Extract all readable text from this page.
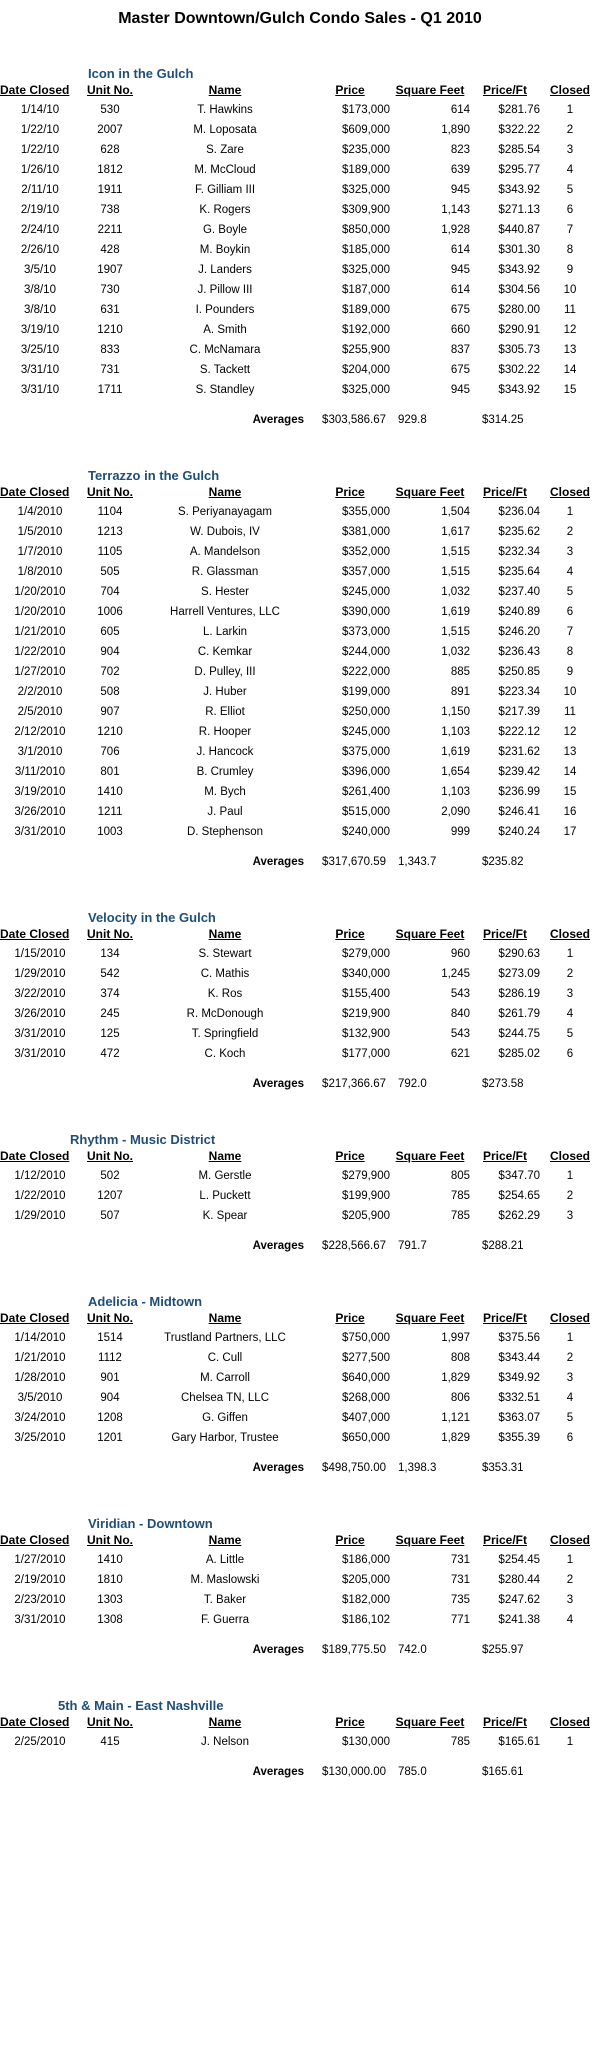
Master Downtown/Gulch Condo Sales - Q1 2010
Icon in the Gulch
Date Closed	Unit No.	Name	Price	Square Feet	Price/Ft	Closed
1/14/10	530	T. Hawkins	$173,000	614	$281.76	1
1/22/10	2007	M. Loposata	$609,000	1,890	$322.22	2
1/22/10	628	S. Zare	$235,000	823	$285.54	3
1/26/10	1812	M. McCloud	$189,000	639	$295.77	4
2/11/10	1911	F. Gilliam III	$325,000	945	$343.92	5
2/19/10	738	K. Rogers	$309,900	1,143	$271.13	6
2/24/10	2211	G. Boyle	$850,000	1,928	$440.87	7
2/26/10	428	M. Boykin	$185,000	614	$301.30	8
3/5/10	1907	J. Landers	$325,000	945	$343.92	9
3/8/10	730	J. Pillow III	$187,000	614	$304.56	10
3/8/10	631	I. Pounders	$189,000	675	$280.00	11
3/19/10	1210	A. Smith	$192,000	660	$290.91	12
3/25/10	833	C. McNamara	$255,900	837	$305.73	13
3/31/10	731	S. Tackett	$204,000	675	$302.22	14
3/31/10	1711	S. Standley	$325,000	945	$343.92	15
		Averages	$303,586.67	929.8	$314.25	
Terrazzo in the Gulch
Date Closed	Unit No.	Name	Price	Square Feet	Price/Ft	Closed
1/4/2010	1104	S. Periyanayagam	$355,000	1,504	$236.04	1
1/5/2010	1213	W. Dubois, IV	$381,000	1,617	$235.62	2
1/7/2010	1105	A. Mandelson	$352,000	1,515	$232.34	3
1/8/2010	505	R. Glassman	$357,000	1,515	$235.64	4
1/20/2010	704	S. Hester	$245,000	1,032	$237.40	5
1/20/2010	1006	Harrell Ventures, LLC	$390,000	1,619	$240.89	6
1/21/2010	605	L. Larkin	$373,000	1,515	$246.20	7
1/22/2010	904	C. Kemkar	$244,000	1,032	$236.43	8
1/27/2010	702	D. Pulley, III	$222,000	885	$250.85	9
2/2/2010	508	J. Huber	$199,000	891	$223.34	10
2/5/2010	907	R. Elliot	$250,000	1,150	$217.39	11
2/12/2010	1210	R. Hooper	$245,000	1,103	$222.12	12
3/1/2010	706	J. Hancock	$375,000	1,619	$231.62	13
3/11/2010	801	B. Crumley	$396,000	1,654	$239.42	14
3/19/2010	1410	M. Bych	$261,400	1,103	$236.99	15
3/26/2010	1211	J. Paul	$515,000	2,090	$246.41	16
3/31/2010	1003	D. Stephenson	$240,000	999	$240.24	17
		Averages	$317,670.59	1,343.7	$235.82	
Velocity in the Gulch
Date Closed	Unit No.	Name	Price	Square Feet	Price/Ft	Closed
1/15/2010	134	S. Stewart	$279,000	960	$290.63	1
1/29/2010	542	C. Mathis	$340,000	1,245	$273.09	2
3/22/2010	374	K. Ros	$155,400	543	$286.19	3
3/26/2010	245	R. McDonough	$219,900	840	$261.79	4
3/31/2010	125	T. Springfield	$132,900	543	$244.75	5
3/31/2010	472	C. Koch	$177,000	621	$285.02	6
		Averages	$217,366.67	792.0	$273.58	
Rhythm - Music District
Date Closed	Unit No.	Name	Price	Square Feet	Price/Ft	Closed
1/12/2010	502	M. Gerstle	$279,900	805	$347.70	1
1/22/2010	1207	L. Puckett	$199,900	785	$254.65	2
1/29/2010	507	K. Spear	$205,900	785	$262.29	3
		Averages	$228,566.67	791.7	$288.21	
Adelicia - Midtown
Date Closed	Unit No.	Name	Price	Square Feet	Price/Ft	Closed
1/14/2010	1514	Trustland Partners, LLC	$750,000	1,997	$375.56	1
1/21/2010	1112	C. Cull	$277,500	808	$343.44	2
1/28/2010	901	M. Carroll	$640,000	1,829	$349.92	3
3/5/2010	904	Chelsea TN, LLC	$268,000	806	$332.51	4
3/24/2010	1208	G. Giffen	$407,000	1,121	$363.07	5
3/25/2010	1201	Gary Harbor, Trustee	$650,000	1,829	$355.39	6
		Averages	$498,750.00	1,398.3	$353.31	
Viridian - Downtown
Date Closed	Unit No.	Name	Price	Square Feet	Price/Ft	Closed
1/27/2010	1410	A. Little	$186,000	731	$254.45	1
2/19/2010	1810	M. Maslowski	$205,000	731	$280.44	2
2/23/2010	1303	T. Baker	$182,000	735	$247.62	3
3/31/2010	1308	F. Guerra	$186,102	771	$241.38	4
		Averages	$189,775.50	742.0	$255.97	
5th & Main - East Nashville
Date Closed	Unit No.	Name	Price	Square Feet	Price/Ft	Closed
2/25/2010	415	J. Nelson	$130,000	785	$165.61	1
		Averages	$130,000.00	785.0	$165.61	
